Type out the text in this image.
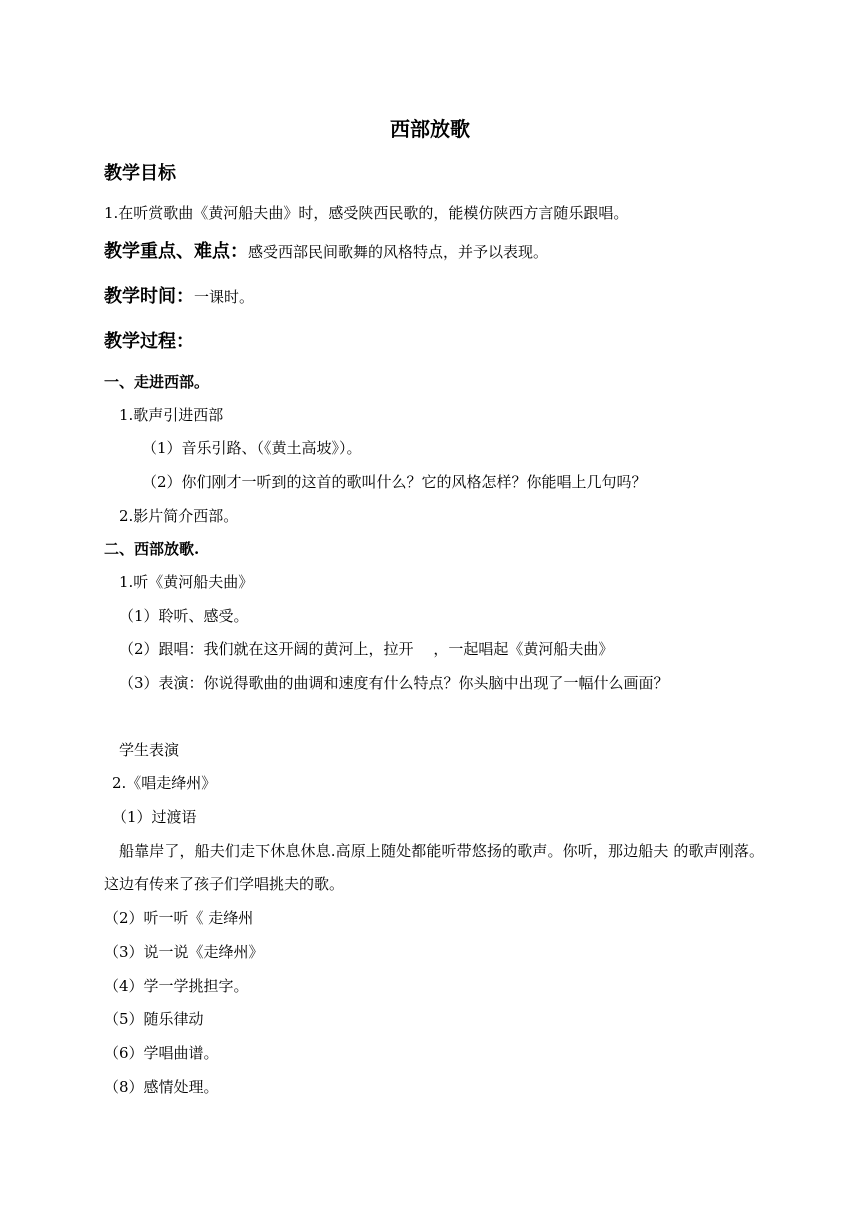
西部放歌
教学目标
1.在听赏歌曲《黄河船夫曲》时，感受陕西民歌的，能模仿陕西方言随乐跟唱。
教学重点、难点：感受西部民间歌舞的风格特点，并予以表现。
教学时间：一课时。
教学过程：
一、走进西部。
1.歌声引进西部
（1）音乐引路、（《黄土高坡》）。
（2）你们刚才一听到的这首的歌叫什么？它的风格怎样？你能唱上几句吗？
2.影片简介西部。
二、西部放歌.
1.听《黄河船夫曲》
（1）聆听、感受。
（2）跟唱：我们就在这开阔的黄河上，拉开　 ，一起唱起《黄河船夫曲》
（3）表演：你说得歌曲的曲调和速度有什么特点？你头脑中出现了一幅什么画面？
学生表演
2.《唱走绛州》
（1）过渡语
船靠岸了，船夫们走下休息休息.高原上随处都能听带悠扬的歌声。你听，那边船夫 的歌声刚落。这边有传来了孩子们学唱挑夫的歌。
（2）听一听《 走绛州
（3）说一说《走绛州》
（4）学一学挑担字。
（5）随乐律动
（6）学唱曲谱。
（8）感情处理。
